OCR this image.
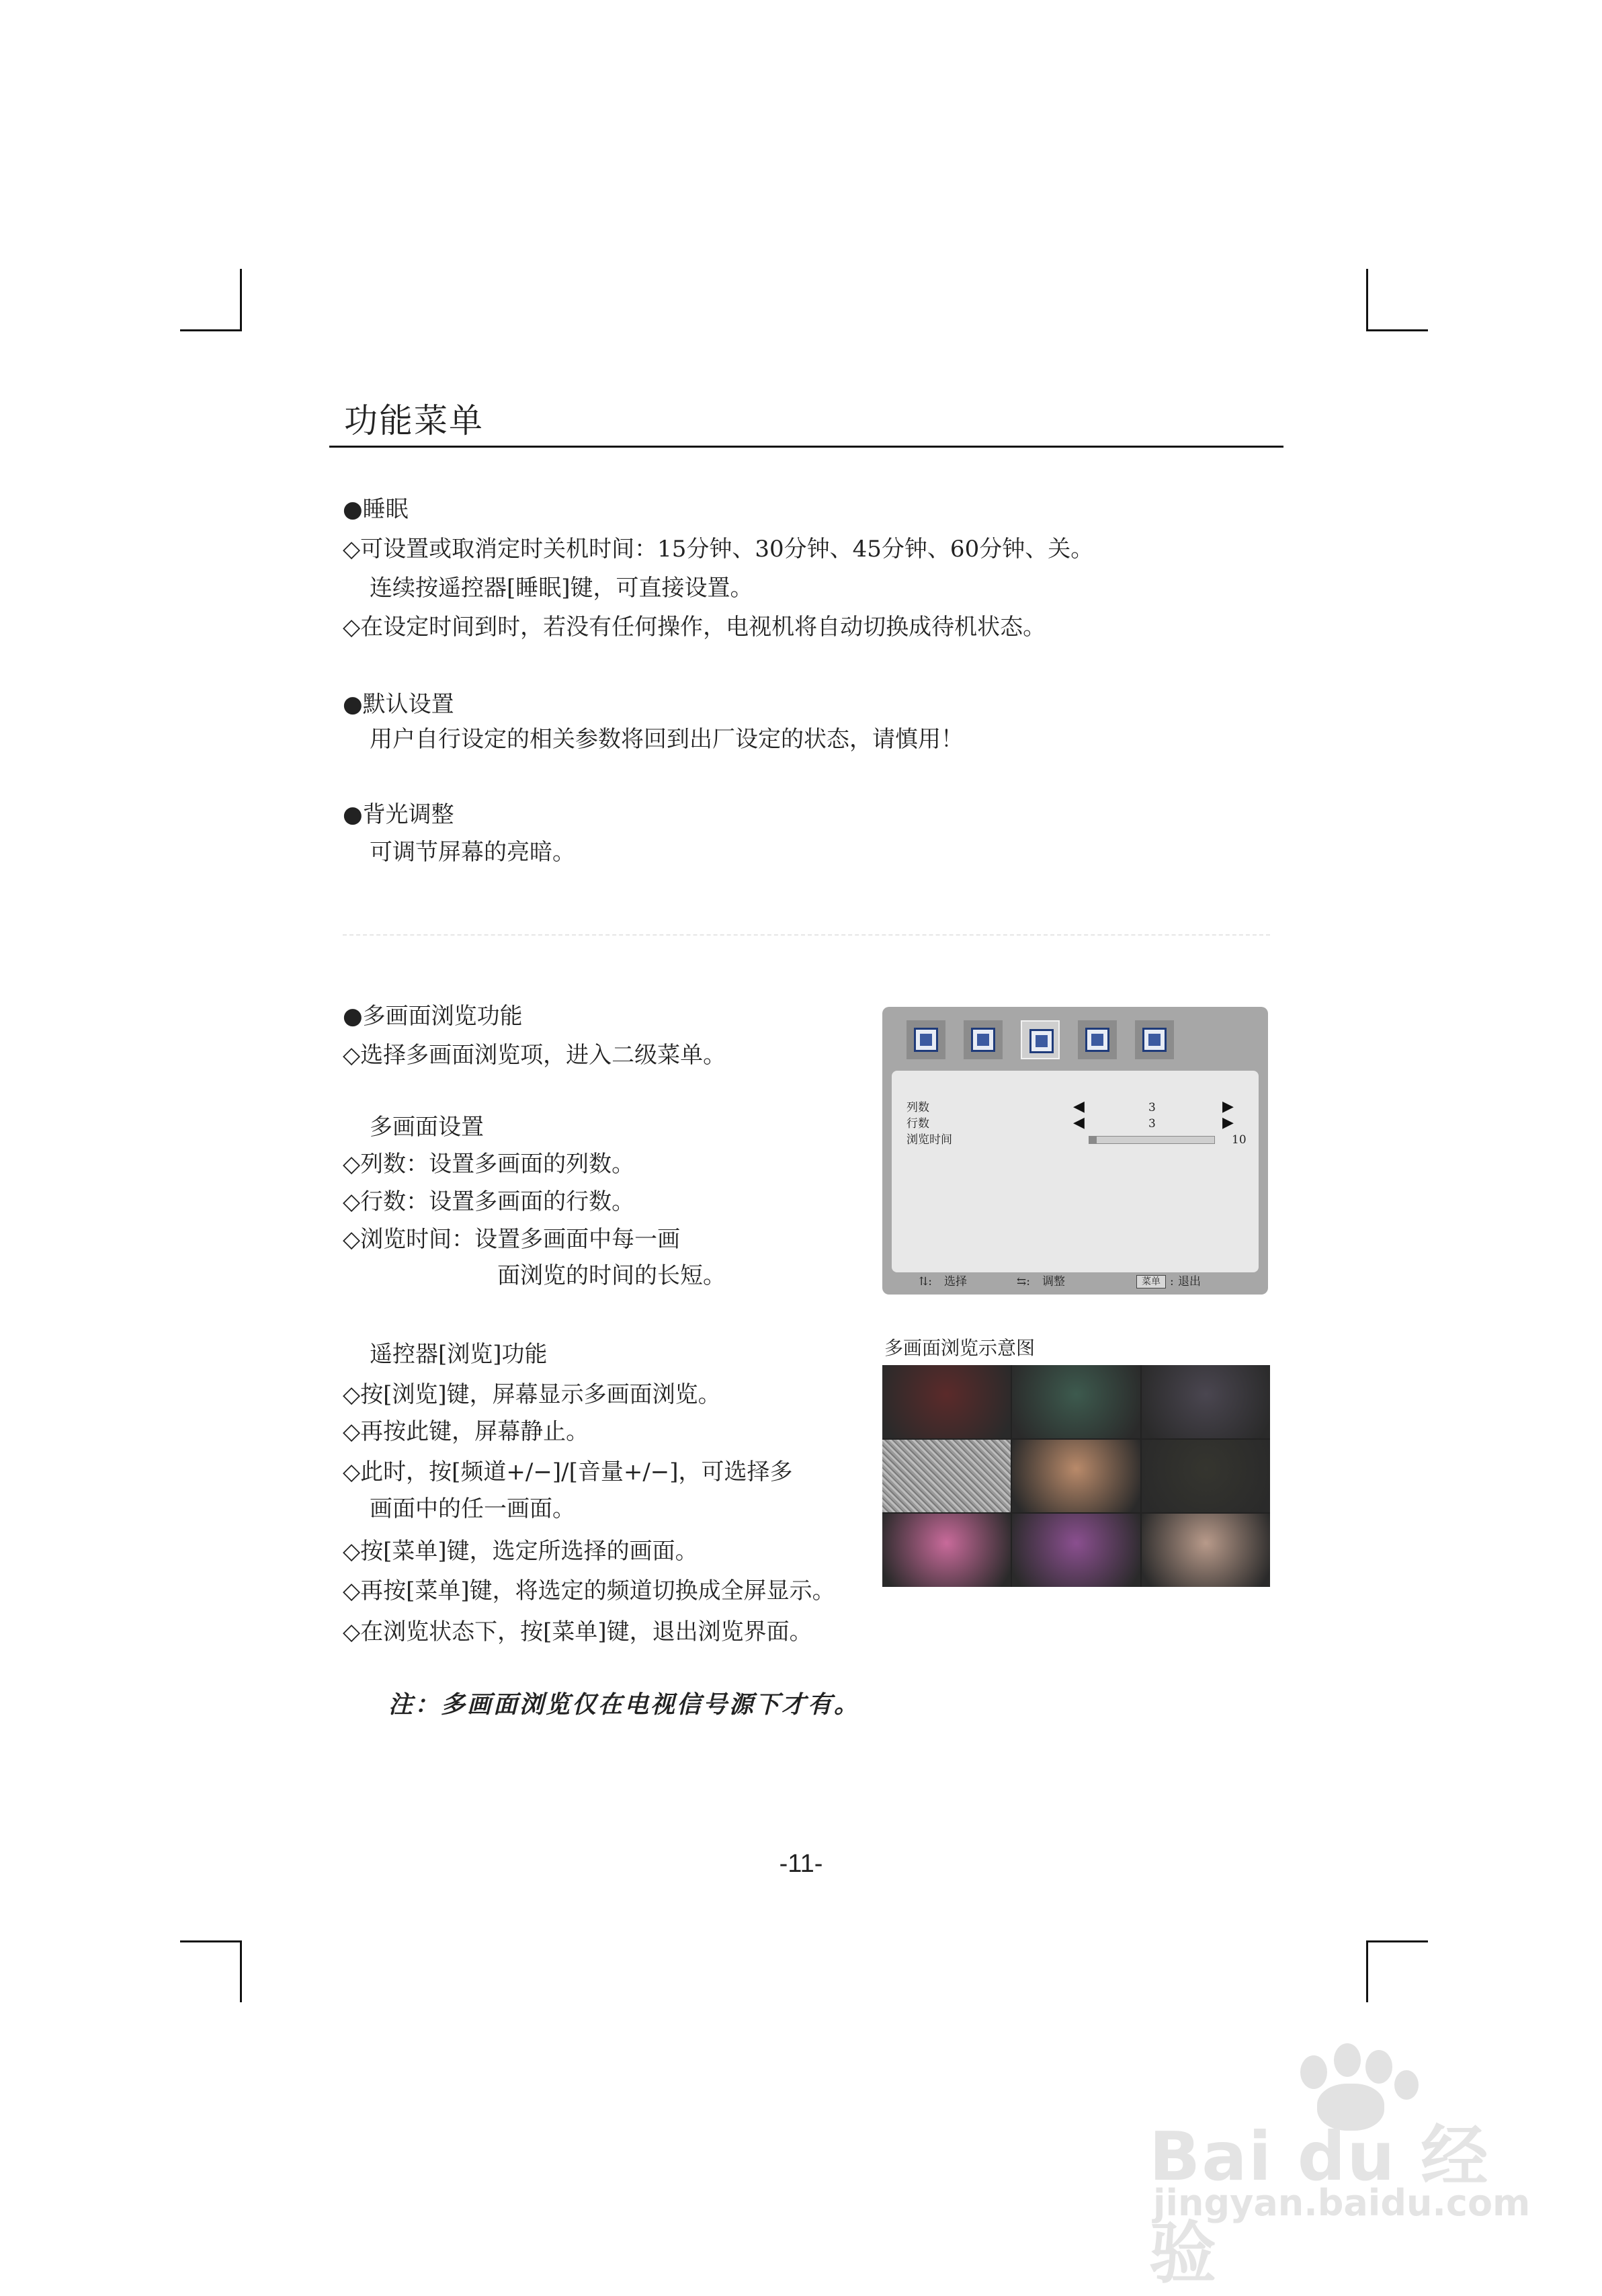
功能菜单
●睡眠
◇可设置或取消定时关机时间：15分钟、30分钟、45分钟、60分钟、关。
连续按遥控器[睡眠]键，可直接设置。
◇在设定时间到时，若没有任何操作，电视机将自动切换成待机状态。
●默认设置
用户自行设定的相关参数将回到出厂设定的状态，请慎用！
●背光调整
可调节屏幕的亮暗。
●多画面浏览功能
◇选择多画面浏览项，进入二级菜单。
多画面设置
◇列数：设置多画面的列数。
◇行数：设置多画面的行数。
◇浏览时间：设置多画面中每一画
面浏览的时间的长短。
遥控器[浏览]功能
◇按[浏览]键，屏幕显示多画面浏览。
◇再按此键，屏幕静止。
◇此时，按[频道+/−]/[音量+/−]，可选择多
画面中的任一画面。
◇按[菜单]键，选定所选择的画面。
◇再按[菜单]键，将选定的频道切换成全屏显示。
◇在浏览状态下，按[菜单]键，退出浏览界面。
注：多画面浏览仅在电视信号源下才有。
列数	◀	3	▶
行数	◀	3	▶
浏览时间	10
⇅: 选择	⇆: 调整	菜单 : 退出
多画面浏览示意图
-11-
Bai du 经验
jingyan.baidu.com
